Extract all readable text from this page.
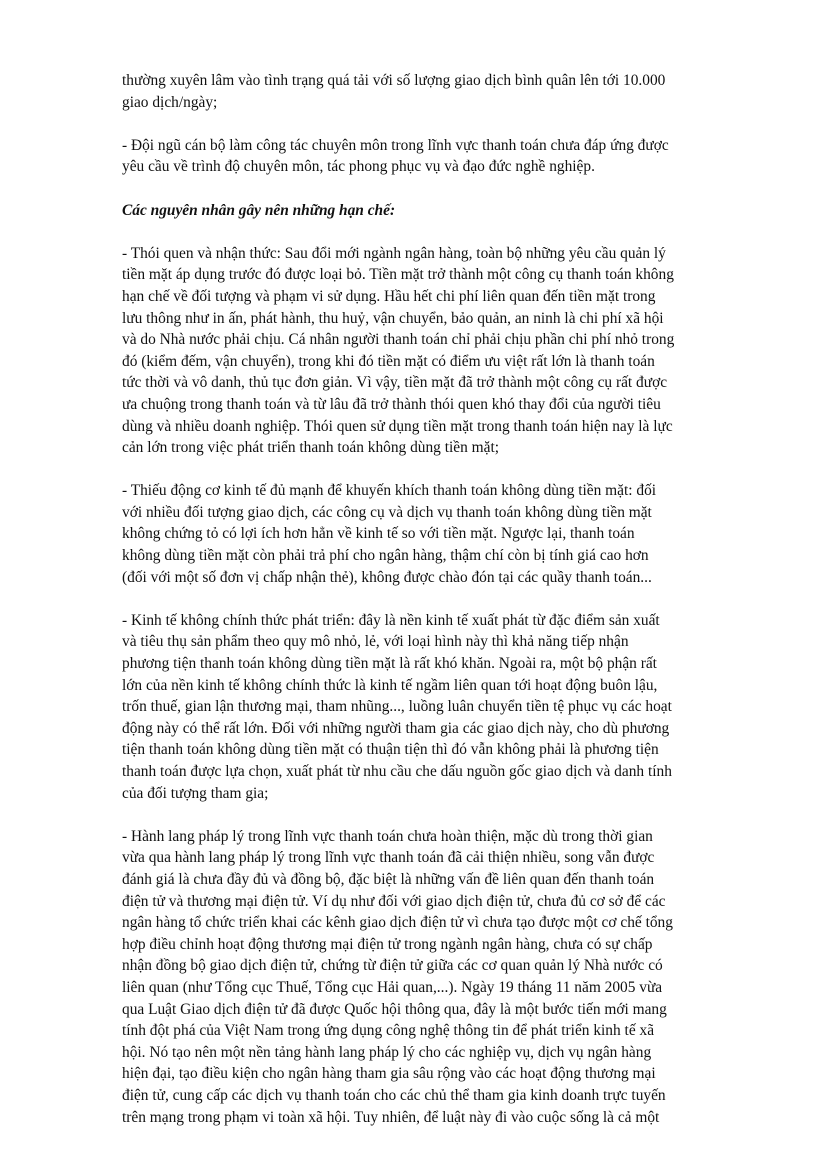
thường xuyên lâm vào tình trạng quá tải với số lượng giao dịch bình quân lên tới 10.000
giao dịch/ngày;

- Đội ngũ cán bộ làm công tác chuyên môn trong lĩnh vực thanh toán chưa đáp ứng được
yêu cầu về trình độ chuyên môn, tác phong phục vụ và đạo đức nghề nghiệp.

Các nguyên nhân gây nên những hạn chế:

- Thói quen và nhận thức: Sau đổi mới ngành ngân hàng, toàn bộ những yêu cầu quản lý
tiền mặt áp dụng trước đó được loại bỏ. Tiền mặt trở thành một công cụ thanh toán không
hạn chế về đối tượng và phạm vi sử dụng. Hầu hết chi phí liên quan đến tiền mặt trong
lưu thông như in ấn, phát hành, thu huỷ, vận chuyển, bảo quản, an ninh là chi phí xã hội
và do Nhà nước phải chịu. Cá nhân người thanh toán chỉ phải chịu phần chi phí nhỏ trong
đó (kiểm đếm, vận chuyển), trong khi đó tiền mặt có điểm ưu việt rất lớn là thanh toán
tức thời và vô danh, thủ tục đơn giản. Vì vậy, tiền mặt đã trở thành một công cụ rất được
ưa chuộng trong thanh toán và từ lâu đã trở thành thói quen khó thay đổi của người tiêu
dùng và nhiều doanh nghiệp. Thói quen sử dụng tiền mặt trong thanh toán hiện nay là lực
cản lớn trong việc phát triển thanh toán không dùng tiền mặt;

- Thiếu động cơ kinh tế đủ mạnh để khuyến khích thanh toán không dùng tiền mặt: đối
với nhiều đối tượng giao dịch, các công cụ và dịch vụ thanh toán không dùng tiền mặt
không chứng tỏ có lợi ích hơn hẳn về kinh tế so với tiền mặt. Ngược lại, thanh toán
không dùng tiền mặt còn phải trả phí cho ngân hàng, thậm chí còn bị tính giá cao hơn
(đối với một số đơn vị chấp nhận thẻ), không được chào đón tại các quầy thanh toán...

- Kinh tế không chính thức phát triển: đây là nền kinh tế xuất phát từ đặc điểm sản xuất
và tiêu thụ sản phẩm theo quy mô nhỏ, lẻ, với loại hình này thì khả năng tiếp nhận
phương tiện thanh toán không dùng tiền mặt là rất khó khăn. Ngoài ra, một bộ phận rất
lớn của nền kinh tế không chính thức là kinh tế ngầm liên quan tới hoạt động buôn lậu,
trốn thuế, gian lận thương mại, tham nhũng..., luồng luân chuyển tiền tệ phục vụ các hoạt
động này có thể rất lớn. Đối với những người tham gia các giao dịch này, cho dù phương
tiện thanh toán không dùng tiền mặt có thuận tiện thì đó vẫn không phải là phương tiện
thanh toán được lựa chọn, xuất phát từ nhu cầu che dấu nguồn gốc giao dịch và danh tính
của đối tượng tham gia;

- Hành lang pháp lý trong lĩnh vực thanh toán chưa hoàn thiện, mặc dù trong thời gian
vừa qua hành lang pháp lý trong lĩnh vực thanh toán đã cải thiện nhiều, song vẫn được
đánh giá là chưa đầy đủ và đồng bộ, đặc biệt là những vấn đề liên quan đến thanh toán
điện tử và thương mại điện tử. Ví dụ như đối với giao dịch điện tử, chưa đủ cơ sở để các
ngân hàng tổ chức triển khai các kênh giao dịch điện tử vì chưa tạo được một cơ chế tổng
hợp điều chỉnh hoạt động thương mại điện tử trong ngành ngân hàng, chưa có sự chấp
nhận đồng bộ giao dịch điện tử, chứng từ điện tử giữa các cơ quan quản lý Nhà nước có
liên quan (như Tổng cục Thuế, Tổng cục Hải quan,...). Ngày 19 tháng 11 năm 2005 vừa
qua Luật Giao dịch điện tử đã được Quốc hội thông qua, đây là một bước tiến mới mang
tính đột phá của Việt Nam trong ứng dụng công nghệ thông tin để phát triển kinh tế xã
hội. Nó tạo nên một nền tảng hành lang pháp lý cho các nghiệp vụ, dịch vụ ngân hàng
hiện đại, tạo điều kiện cho ngân hàng tham gia sâu rộng vào các hoạt động thương mại
điện tử, cung cấp các dịch vụ thanh toán cho các chủ thể tham gia kinh doanh trực tuyến
trên mạng trong phạm vi toàn xã hội. Tuy nhiên, để luật này đi vào cuộc sống là cả một
